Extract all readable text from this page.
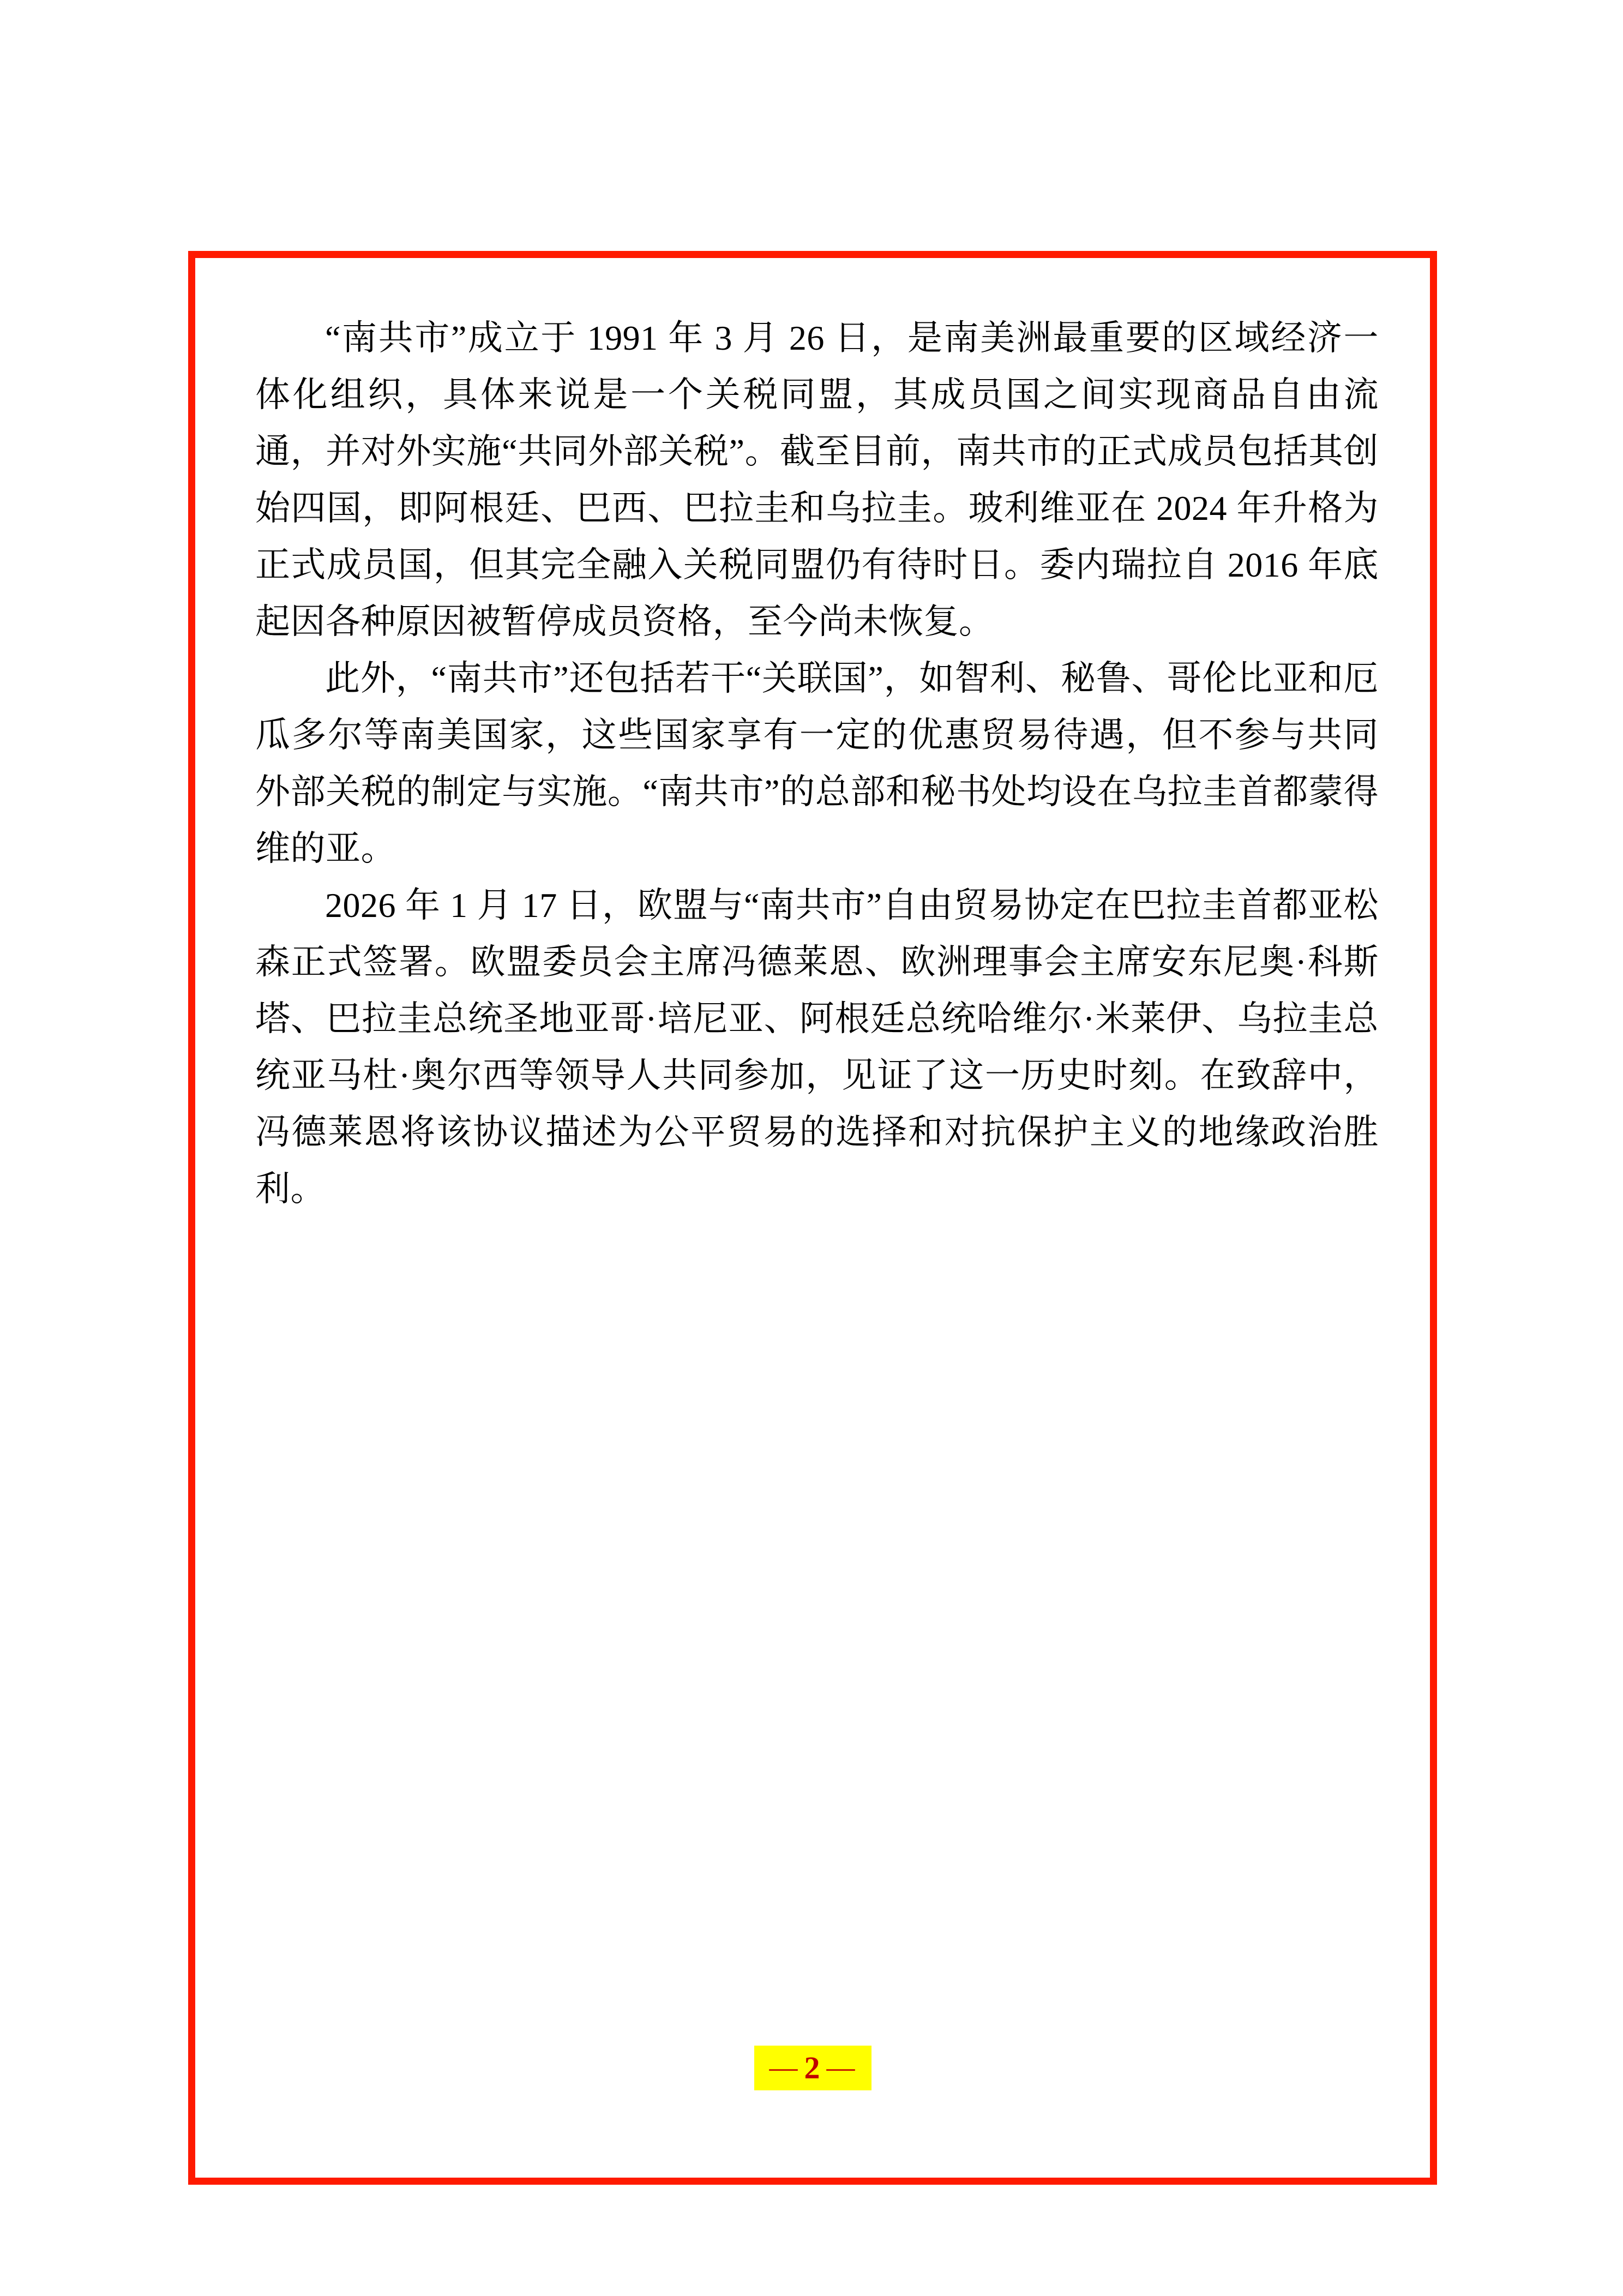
“南共市”成立于 1991 年 3 月 26 日，是南美洲最重要的区域经济一体化组织，具体来说是一个关税同盟，其成员国之间实现商品自由流通，并对外实施“共同外部关税”。截至目前，南共市的正式成员包括其创始四国，即阿根廷、巴西、巴拉圭和乌拉圭。玻利维亚在 2024 年升格为正式成员国，但其完全融入关税同盟仍有待时日。委内瑞拉自 2016 年底起因各种原因被暂停成员资格，至今尚未恢复。

此外，“南共市”还包括若干“关联国”，如智利、秘鲁、哥伦比亚和厄瓜多尔等南美国家，这些国家享有一定的优惠贸易待遇，但不参与共同外部关税的制定与实施。“南共市”的总部和秘书处均设在乌拉圭首都蒙得维的亚。

2026 年 1 月 17 日，欧盟与“南共市”自由贸易协定在巴拉圭首都亚松森正式签署。欧盟委员会主席冯德莱恩、欧洲理事会主席安东尼奥·科斯塔、巴拉圭总统圣地亚哥·培尼亚、阿根廷总统哈维尔·米莱伊、乌拉圭总统亚马杜·奥尔西等领导人共同参加，见证了这一历史时刻。在致辞中，冯德莱恩将该协议描述为公平贸易的选择和对抗保护主义的地缘政治胜利。

— 2 —
